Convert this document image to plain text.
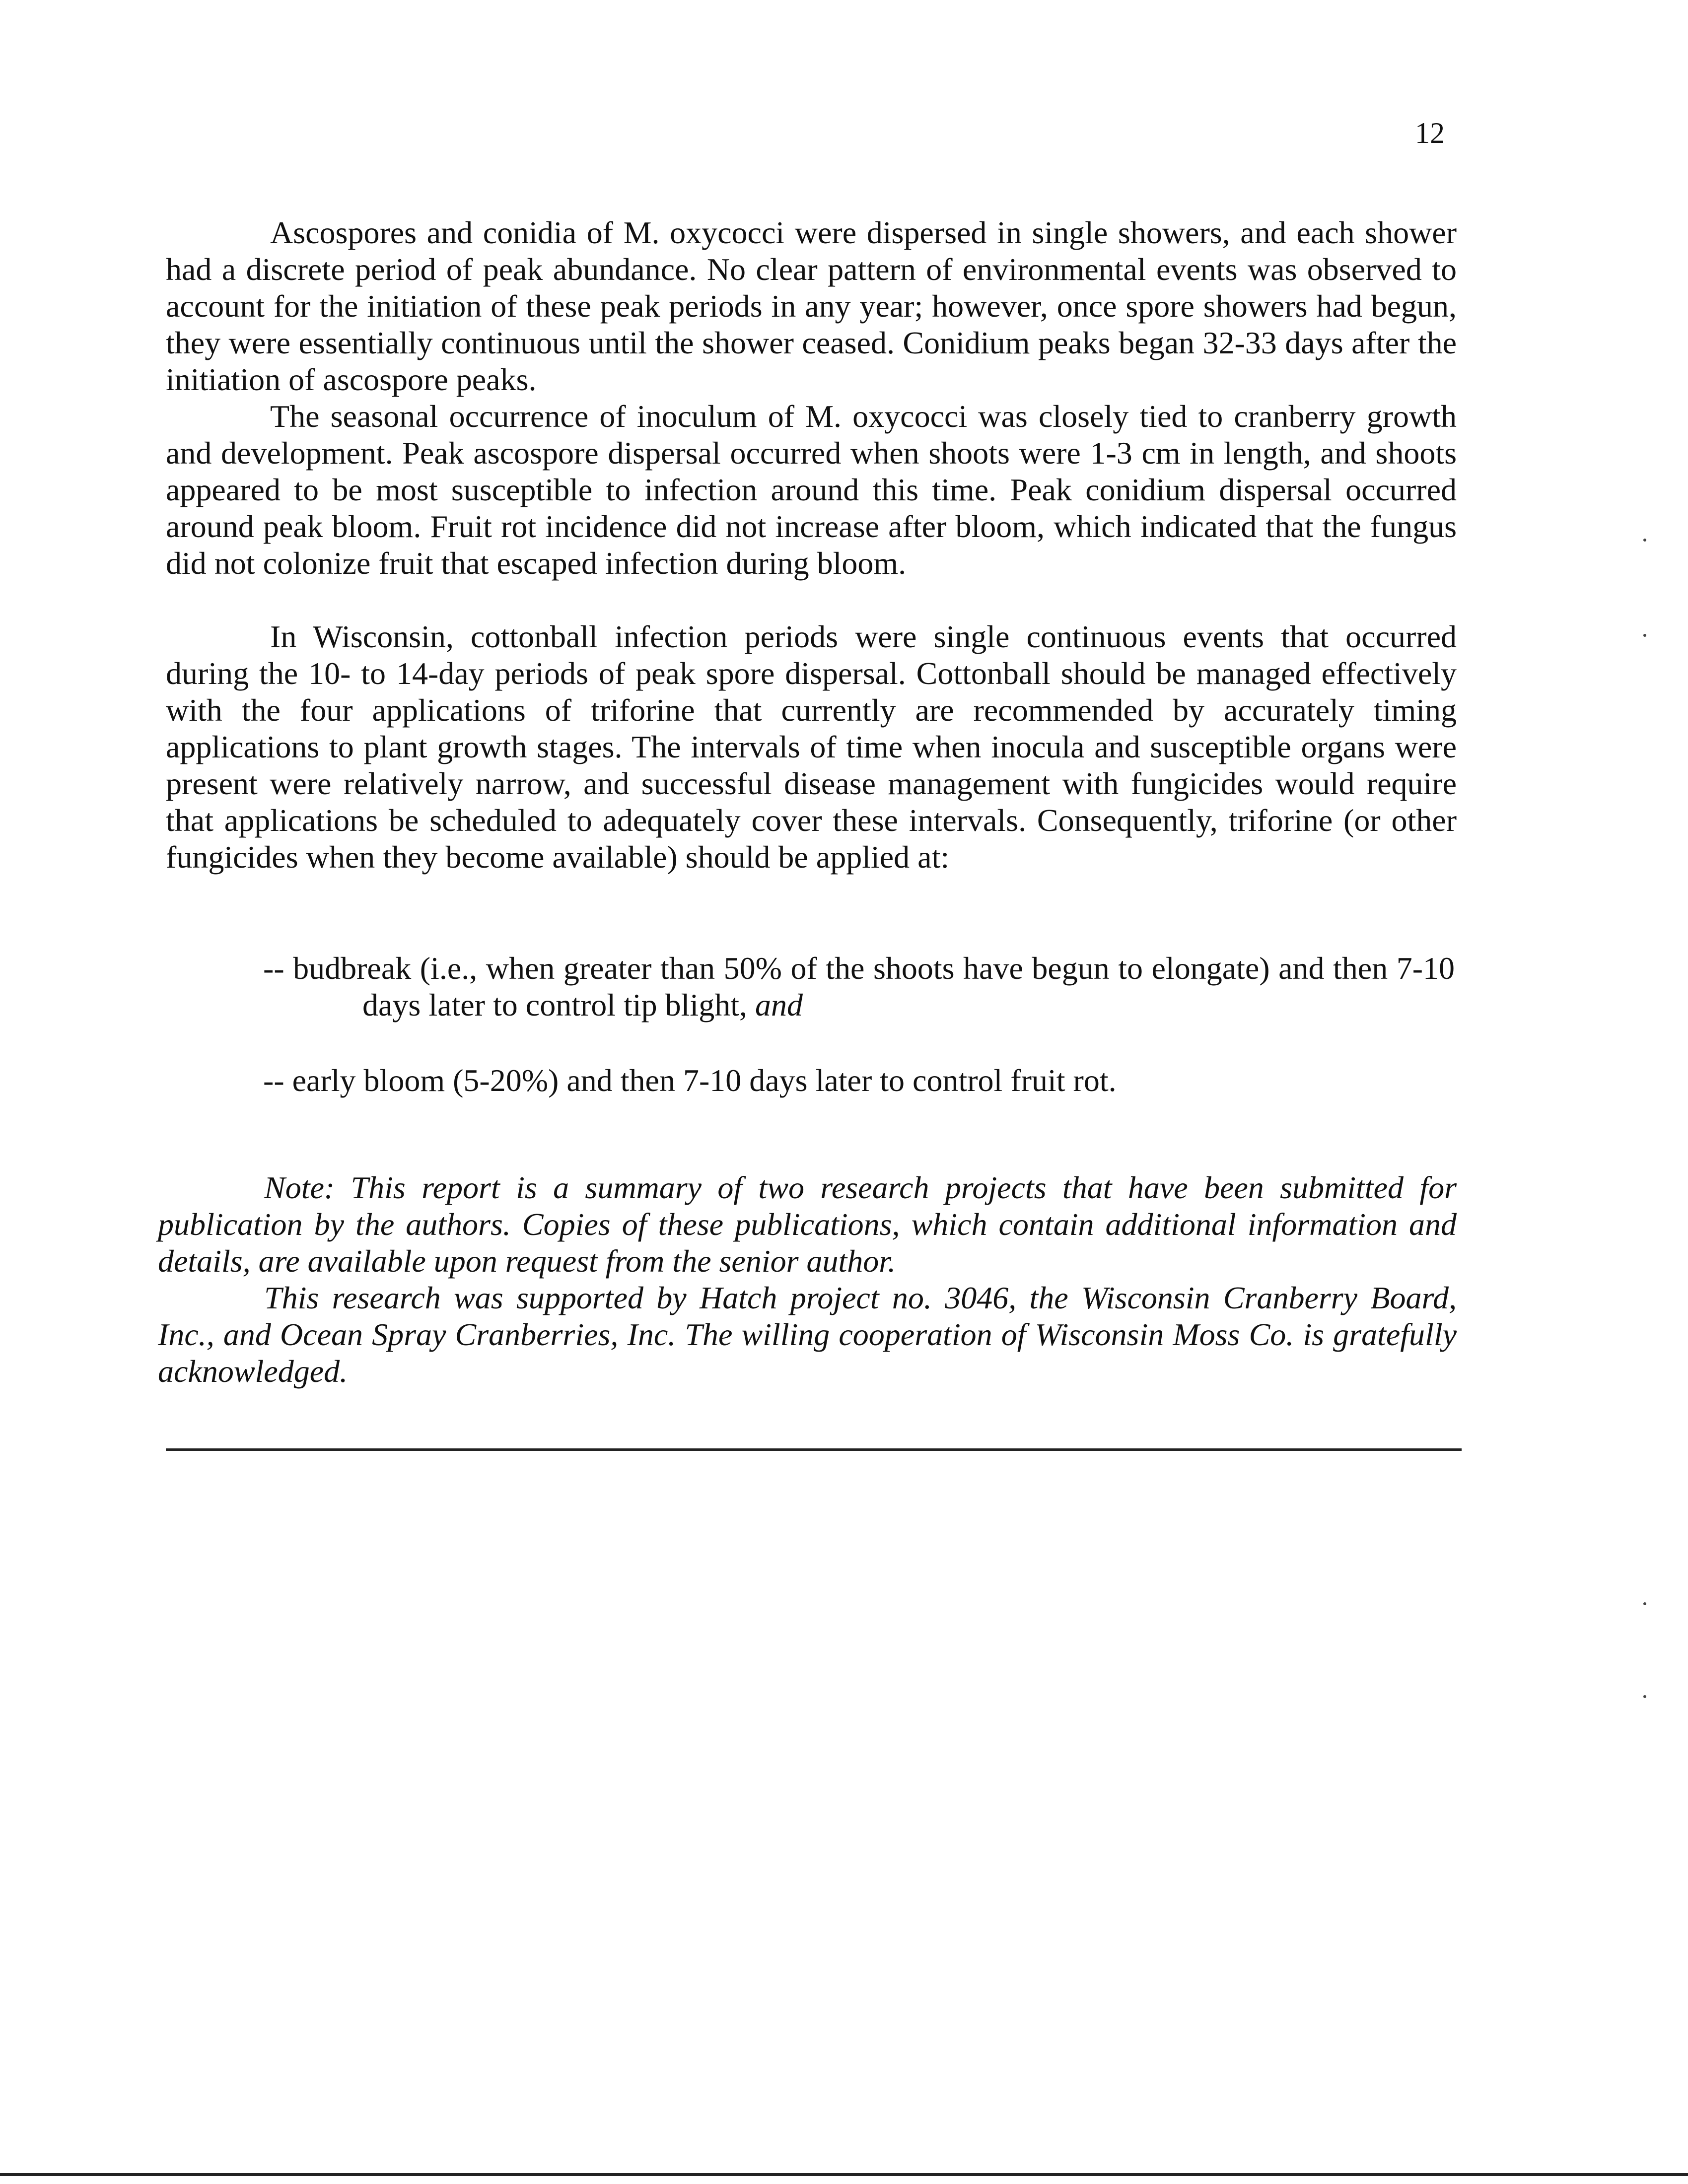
12

Ascospores and conidia of M. oxycocci were dispersed in single showers, and each shower had a discrete period of peak abundance. No clear pattern of environmental events was observed to account for the initiation of these peak periods in any year; however, once spore showers had begun, they were essentially continuous until the shower ceased. Conidium peaks began 32-33 days after the initiation of ascospore peaks.

The seasonal occurrence of inoculum of M. oxycocci was closely tied to cranberry growth and development. Peak ascospore dispersal occurred when shoots were 1-3 cm in length, and shoots appeared to be most susceptible to infection around this time. Peak conidium dispersal occurred around peak bloom. Fruit rot incidence did not increase after bloom, which indicated that the fungus did not colonize fruit that escaped infection during bloom.

In Wisconsin, cottonball infection periods were single continuous events that occurred during the 10- to 14-day periods of peak spore dispersal. Cottonball should be managed effectively with the four applications of triforine that currently are recommended by accurately timing applications to plant growth stages. The intervals of time when inocula and susceptible organs were present were relatively narrow, and successful disease management with fungicides would require that applications be scheduled to adequately cover these intervals. Consequently, triforine (or other fungicides when they become available) should be applied at:

-- budbreak (i.e., when greater than 50% of the shoots have begun to elongate) and then 7-10 days later to control tip blight, and

-- early bloom (5-20%) and then 7-10 days later to control fruit rot.

Note: This report is a summary of two research projects that have been submitted for publication by the authors. Copies of these publications, which contain additional information and details, are available upon request from the senior author.

This research was supported by Hatch project no. 3046, the Wisconsin Cranberry Board, Inc., and Ocean Spray Cranberries, Inc. The willing cooperation of Wisconsin Moss Co. is gratefully acknowledged.
